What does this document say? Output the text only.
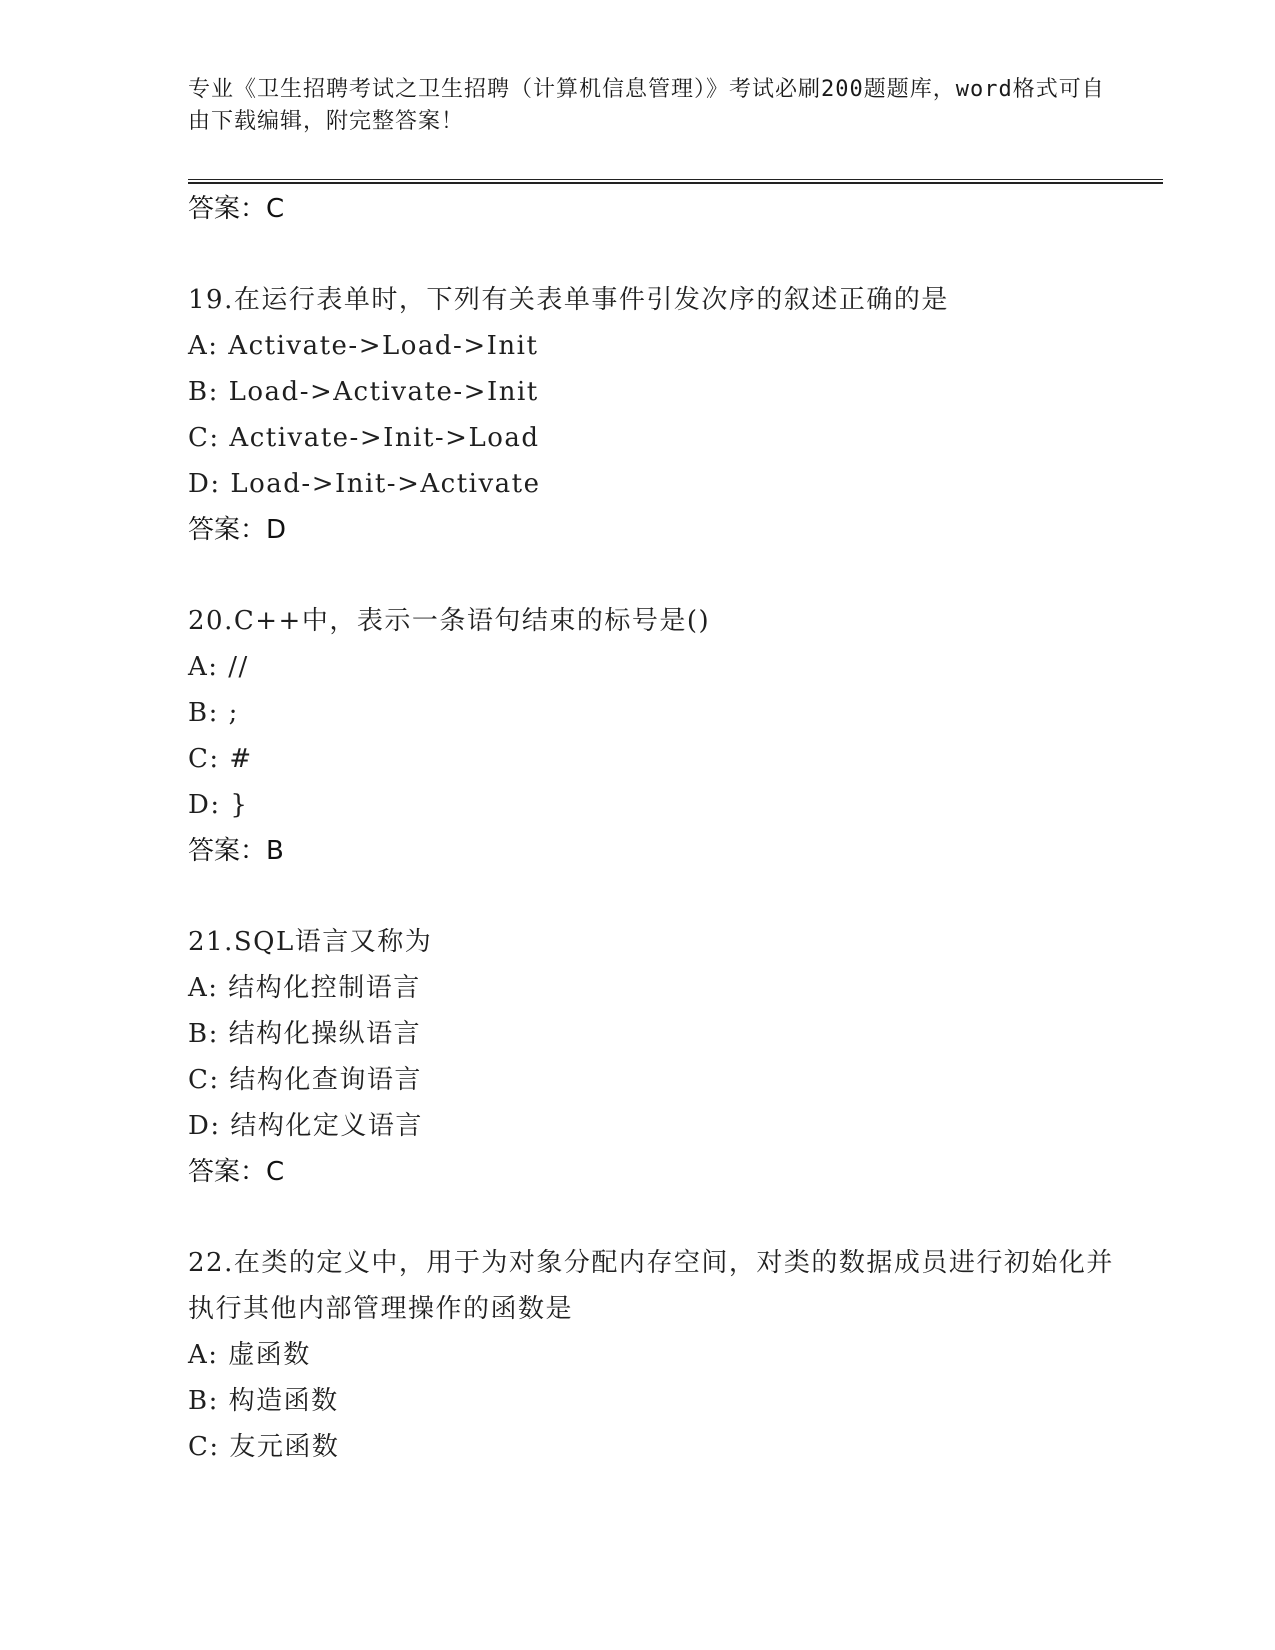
专业《卫生招聘考试之卫生招聘（计算机信息管理）》考试必刷200题题库，word格式可自由下载编辑，附完整答案！
答案：C
19.在运行表单时，下列有关表单事件引发次序的叙述正确的是
A: Activate->Load->Init
B: Load->Activate->Init
C: Activate->Init->Load
D: Load->Init->Activate
答案：D
20.C++中，表示一条语句结束的标号是()
A: //
B: ;
C: #
D: }
答案：B
21.SQL语言又称为
A: 结构化控制语言
B: 结构化操纵语言
C: 结构化查询语言
D: 结构化定义语言
答案：C
22.在类的定义中，用于为对象分配内存空间，对类的数据成员进行初始化并执行其他内部管理操作的函数是
A: 虚函数
B: 构造函数
C: 友元函数
